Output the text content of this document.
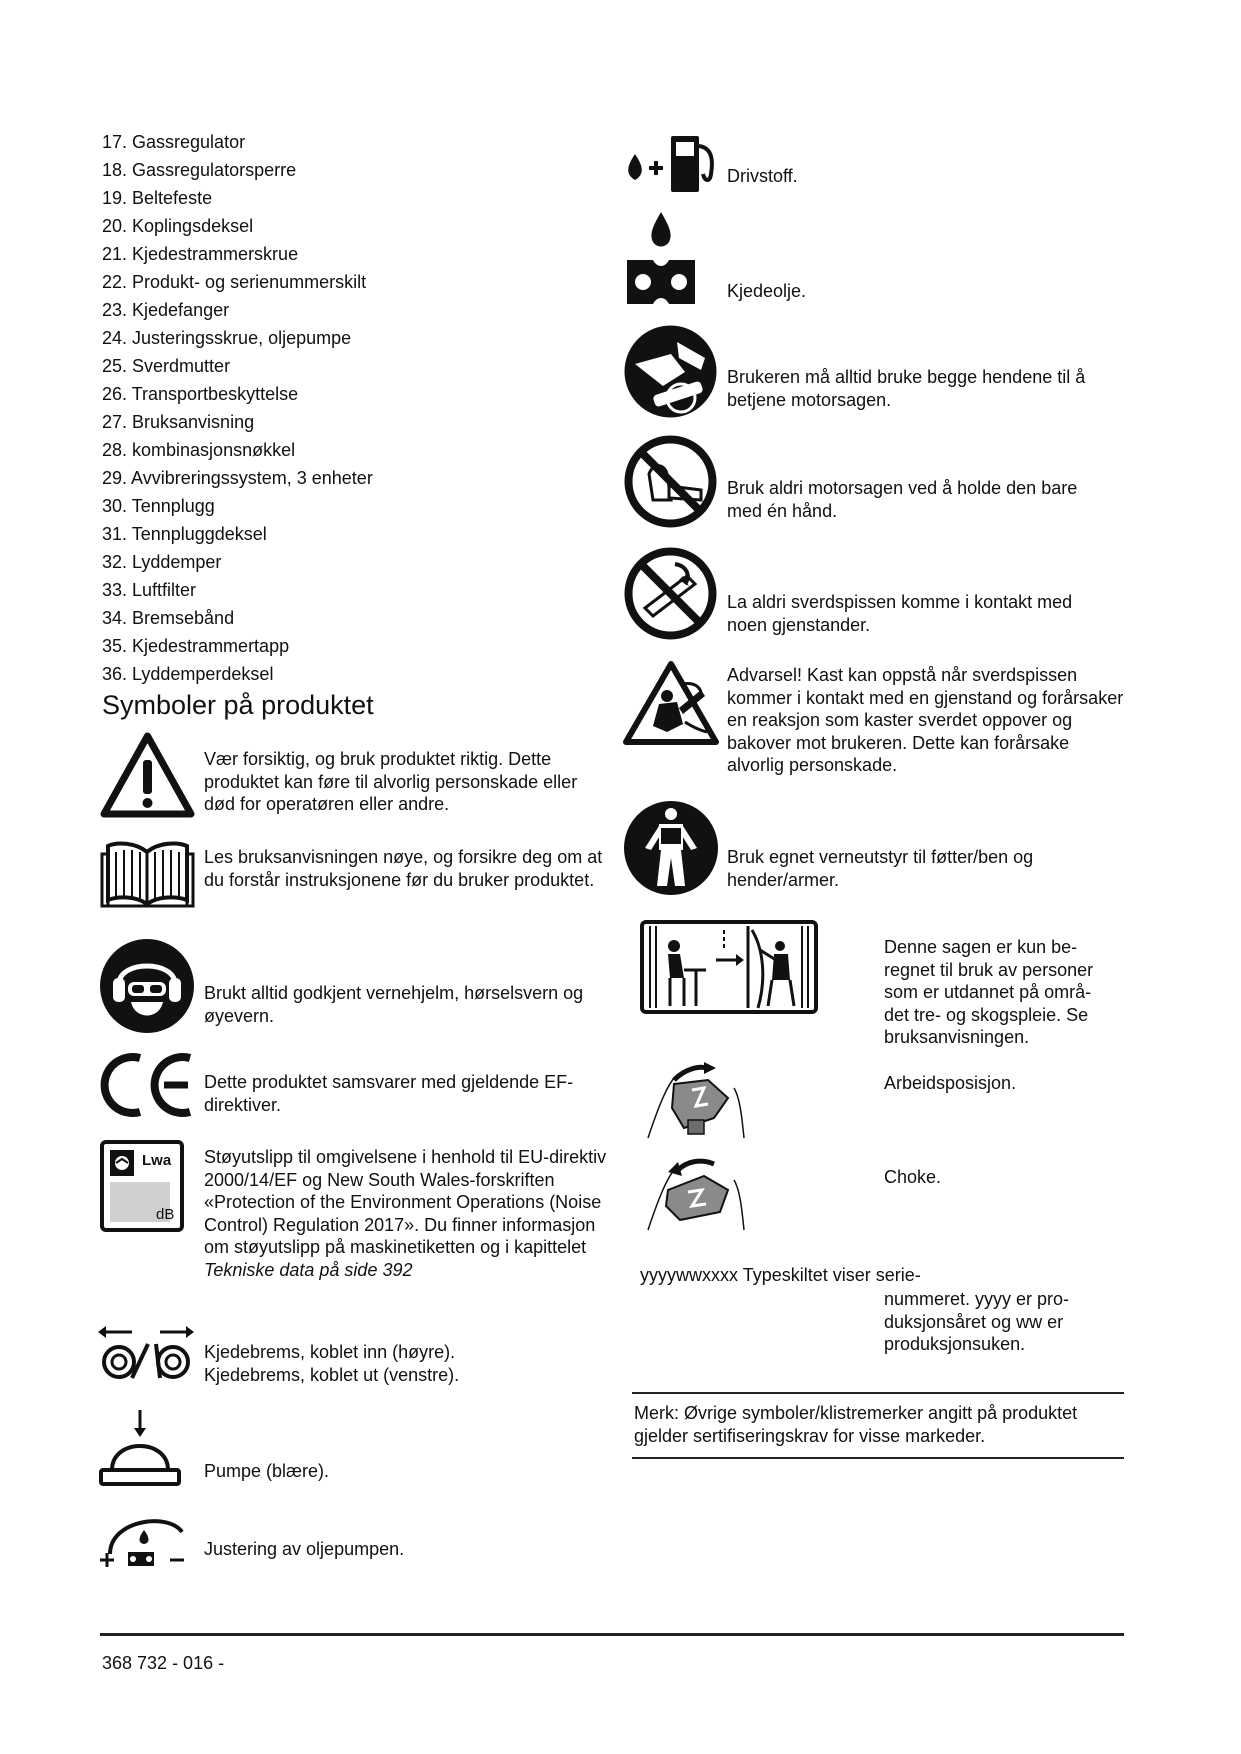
17. Gassregulator
18. Gassregulatorsperre
19. Beltefeste
20. Koplingsdeksel
21. Kjedestrammerskrue
22. Produkt- og serienummerskilt
23. Kjedefanger
24. Justeringsskrue, oljepumpe
25. Sverdmutter
26. Transportbeskyttelse
27. Bruksanvisning
28. kombinasjonsnøkkel
29. Avvibreringssystem, 3 enheter
30. Tennplugg
31. Tennpluggdeksel
32. Lyddemper
33. Luftfilter
34. Bremsebånd
35. Kjedestrammertapp
36. Lyddemperdeksel
Symboler på produktet
Vær forsiktig, og bruk produktet riktig. Dette produktet kan føre til alvorlig personskade eller død for operatøren eller andre.
Les bruksanvisningen nøye, og forsikre deg om at du forstår instruksjonene før du bruker produktet.
Brukt alltid godkjent vernehjelm, hørselsvern og øyevern.
Dette produktet samsvarer med gjeldende EF-direktiver.
Lwa
dB
Støyutslipp til omgivelsene i henhold til EU-direktiv 2000/14/EF og New South Wales-forskriften «Protection of the Environment Operations (Noise Control) Regulation 2017». Du finner informasjon om støyutslipp på maskinetiketten og i kapittelet Tekniske data på side 392
Kjedebrems, koblet inn (høyre).
Kjedebrems, koblet ut (venstre).
Pumpe (blære).
Justering av oljepumpen.
Drivstoff.
Kjedeolje.
Brukeren må alltid bruke begge hendene til å betjene motorsagen.
Bruk aldri motorsagen ved å holde den bare med én hånd.
La aldri sverdspissen komme i kontakt med noen gjenstander.
Advarsel! Kast kan oppstå når sverdspissen kommer i kontakt med en gjenstand og forårsaker en reaksjon som kaster sverdet oppover og bakover mot brukeren. Dette kan forårsake alvorlig personskade.
Bruk egnet verneutstyr til føtter/ben og hender/armer.
Denne sagen er kun be-
regnet til bruk av personer
som er utdannet på områ-
det tre- og skogspleie. Se
bruksanvisningen.
Arbeidsposisjon.
Choke.
yyyywwxxxx Typeskiltet viser serie-
nummeret. yyyy er pro-
duksjonsåret og ww er
produksjonsuken.
Merk: Øvrige symboler/klistremerker angitt på produktet gjelder sertifiseringskrav for visse markeder.
368 732 - 016 -
